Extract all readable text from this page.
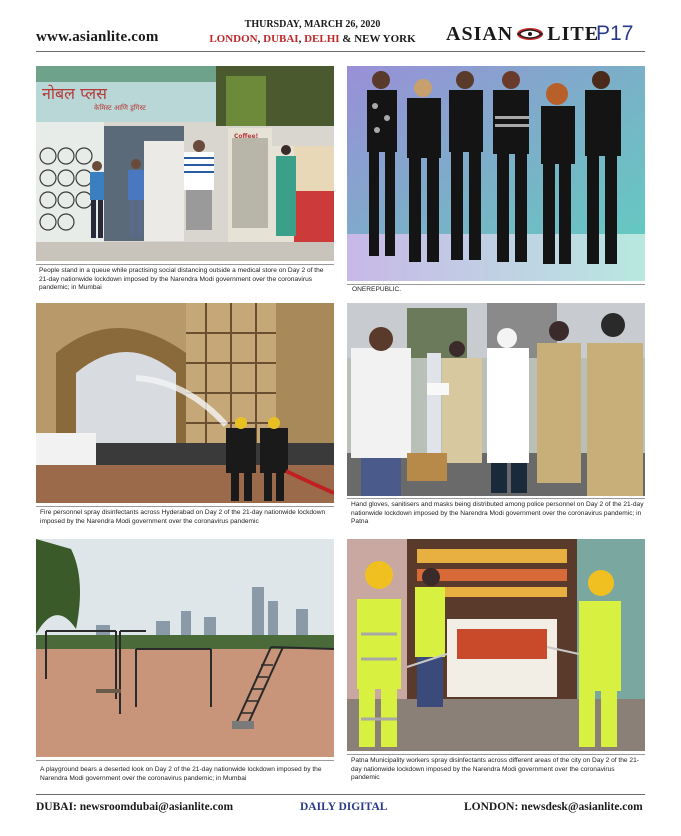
www.asianlite.com
THURSDAY, MARCH 26, 2020
LONDON, DUBAI, DELHI & NEW YORK ASIAN LITE
P17
नोबल प्लस
केमिस्ट आणि ड्रगिस्ट
Coffee!
People stand in a queue while practising social distancing outside a medical store on Day 2 of the 21-day nationwide lockdown imposed by the Narendra Modi government over the coronavirus pandemic; in Mumbai	ONEREPUBLIC.
Fire personnel spray disinfectants across Hyderabad on Day 2 of the 21-day nationwide lockdown imposed by the Narendra Modi government over the coronavirus pandemic
Hand gloves, sanitisers and masks being distributed among police personnel on Day 2 of the 21-day nationwide lockdown imposed by the Narendra Modi government over the coronavirus pandemic; in Patna
A playground bears a deserted look on Day 2 of the 21-day nationwide lockdown imposed by the Narendra Modi government over the coronavirus pandemic; in Mumbai
Patna Municipality workers spray disinfectants across different areas of the city on Day 2 of the 21-day nationwide lockdown imposed by the Narendra Modi government over the coronavirus pandemic
DUBAI: newsroomdubai@asianlite.com	DAILY DIGITAL	LONDON: newsdesk@asianlite.com
